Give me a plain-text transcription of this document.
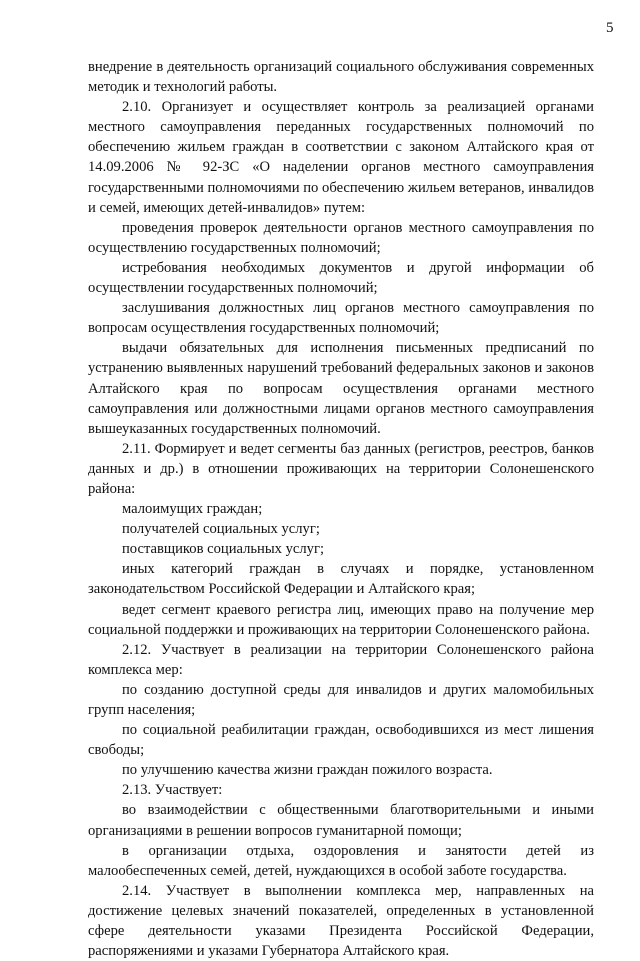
5

внедрение в деятельность организаций социального обслуживания современных методик и технологий работы.

2.10. Организует и осуществляет контроль за реализацией органами местного самоуправления переданных государственных полномочий по обеспечению жильем граждан в соответствии с законом Алтайского края от 14.09.2006 № 92-ЗС «О наделении органов местного самоуправления государственными полномочиями по обеспечению жильем ветеранов, инвалидов и семей, имеющих детей-инвалидов» путем:

проведения проверок деятельности органов местного самоуправления по осуществлению государственных полномочий;

истребования необходимых документов и другой информации об осуществлении государственных полномочий;

заслушивания должностных лиц органов местного самоуправления по вопросам осуществления государственных полномочий;

выдачи обязательных для исполнения письменных предписаний по устранению выявленных нарушений требований федеральных законов и законов Алтайского края по вопросам осуществления органами местного самоуправления или должностными лицами органов местного самоуправления вышеуказанных государственных полномочий.

2.11. Формирует и ведет сегменты баз данных (регистров, реестров, банков данных и др.) в отношении проживающих на территории Солонешенского района:

малоимущих граждан;

получателей социальных услуг;

поставщиков социальных услуг;

иных категорий граждан в случаях и порядке, установленном законодательством Российской Федерации и Алтайского края;

ведет сегмент краевого регистра лиц, имеющих право на получение мер социальной поддержки и проживающих на территории Солонешенского района.

2.12. Участвует в реализации на территории Солонешенского района комплекса мер:

по созданию доступной среды для инвалидов и других маломобильных групп населения;

по социальной реабилитации граждан, освободившихся из мест лишения свободы;

по улучшению качества жизни граждан пожилого возраста.

2.13. Участвует:

во взаимодействии с общественными благотворительными и иными организациями в решении вопросов гуманитарной помощи;

в организации отдыха, оздоровления и занятости детей из малообеспеченных семей, детей, нуждающихся в особой заботе государства.

2.14. Участвует в выполнении комплекса мер, направленных на достижение целевых значений показателей, определенных в установленной сфере деятельности указами Президента Российской Федерации, распоряжениями и указами Губернатора Алтайского края.
